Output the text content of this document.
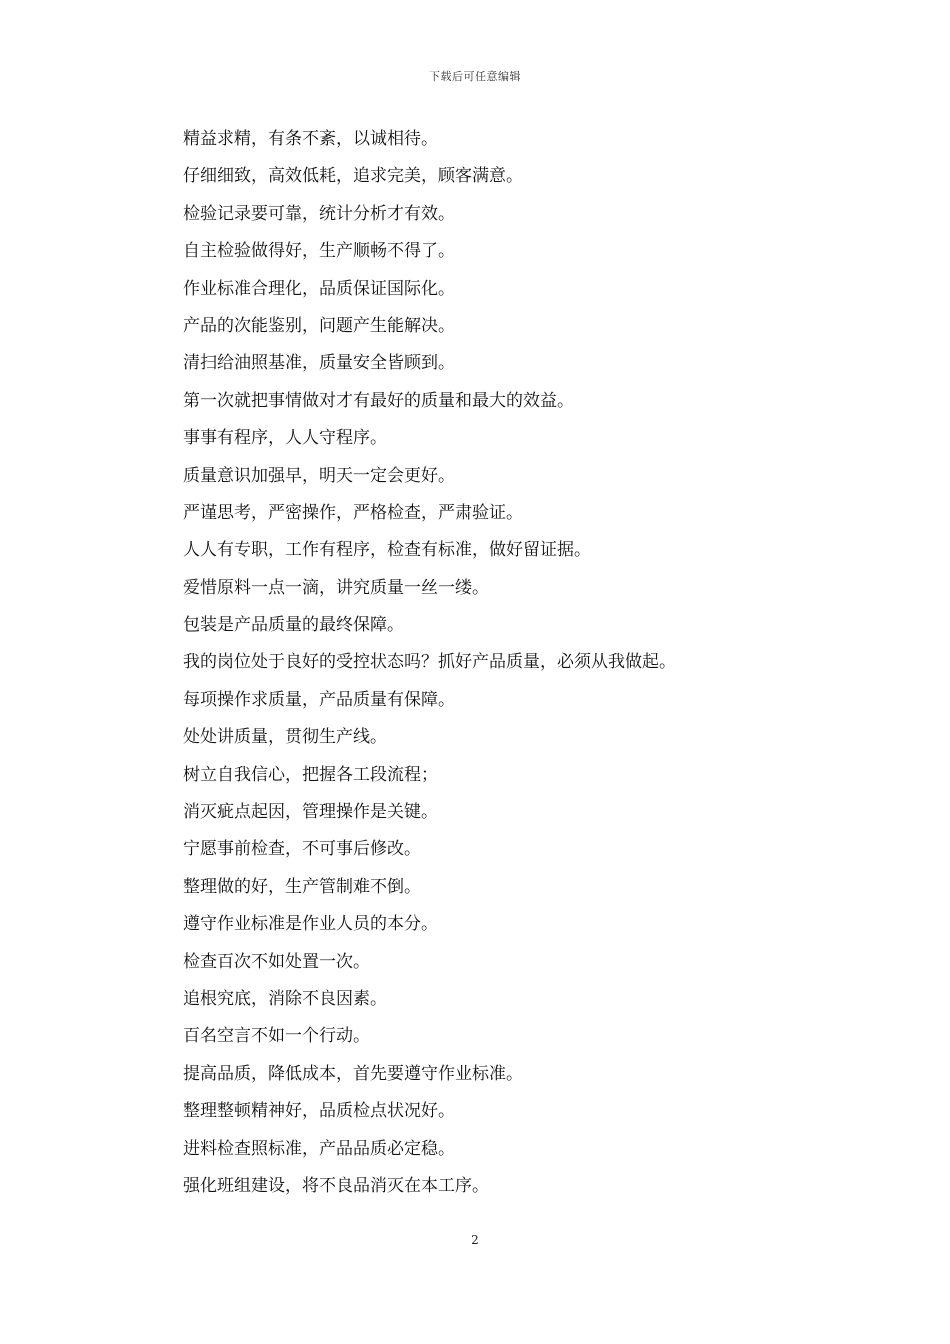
下载后可任意编辑
精益求精，有条不紊，以诚相待。
仔细细致，高效低耗，追求完美，顾客满意。
检验记录要可靠，统计分析才有效。
自主检验做得好，生产顺畅不得了。
作业标准合理化，品质保证国际化。
产品的次能鉴别，问题产生能解决。
清扫给油照基准，质量安全皆顾到。
第一次就把事情做对才有最好的质量和最大的效益。
事事有程序，人人守程序。
质量意识加强早，明天一定会更好。
严谨思考，严密操作，严格检查，严肃验证。
人人有专职，工作有程序，检查有标准，做好留证据。
爱惜原料一点一滴，讲究质量一丝一缕。
包装是产品质量的最终保障。
我的岗位处于良好的受控状态吗？抓好产品质量，必须从我做起。
每项操作求质量，产品质量有保障。
处处讲质量，贯彻生产线。
树立自我信心，把握各工段流程；
消灭疵点起因，管理操作是关键。
宁愿事前检查，不可事后修改。
整理做的好，生产管制难不倒。
遵守作业标准是作业人员的本分。
检查百次不如处置一次。
追根究底，消除不良因素。
百名空言不如一个行动。
提高品质，降低成本，首先要遵守作业标准。
整理整顿精神好，品质检点状况好。
进料检查照标准，产品品质必定稳。
强化班组建设，将不良品消灭在本工序。
2
